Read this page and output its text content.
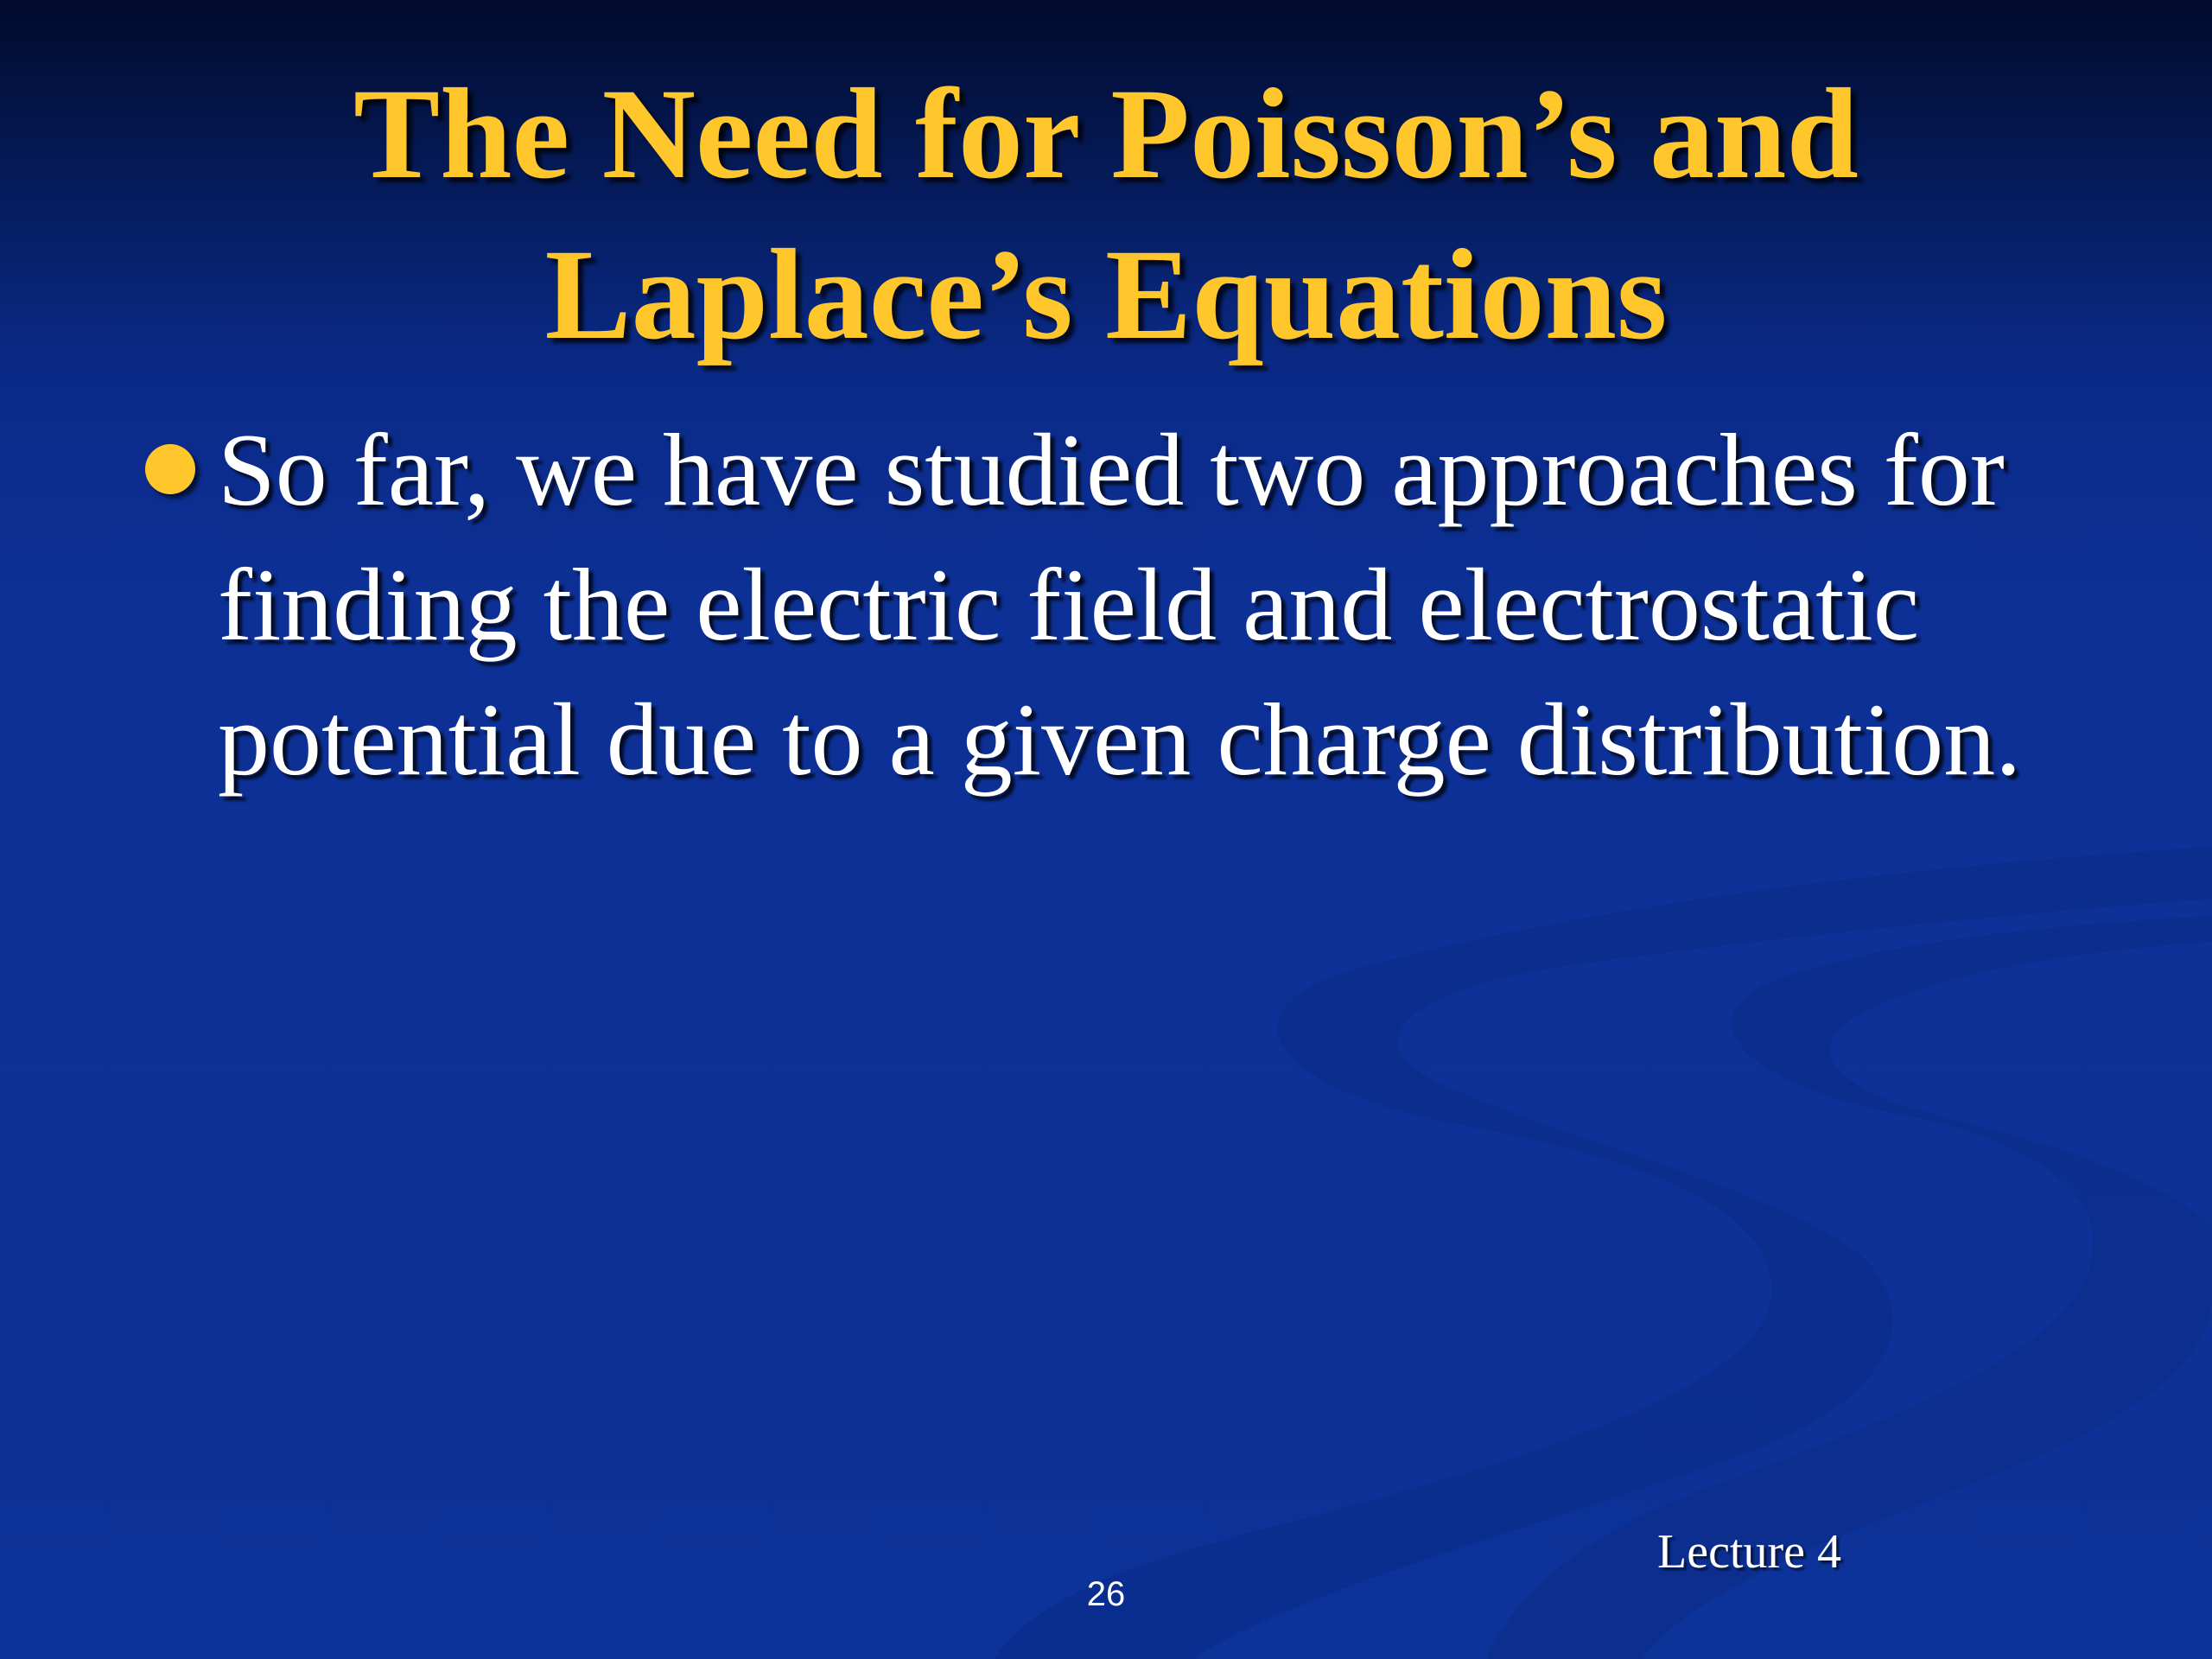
The Need for Poisson’s and
Laplace’s Equations
So far, we have studied two approaches for
finding the electric field and electrostatic
potential due to a given charge distribution.
Lecture 4
26
